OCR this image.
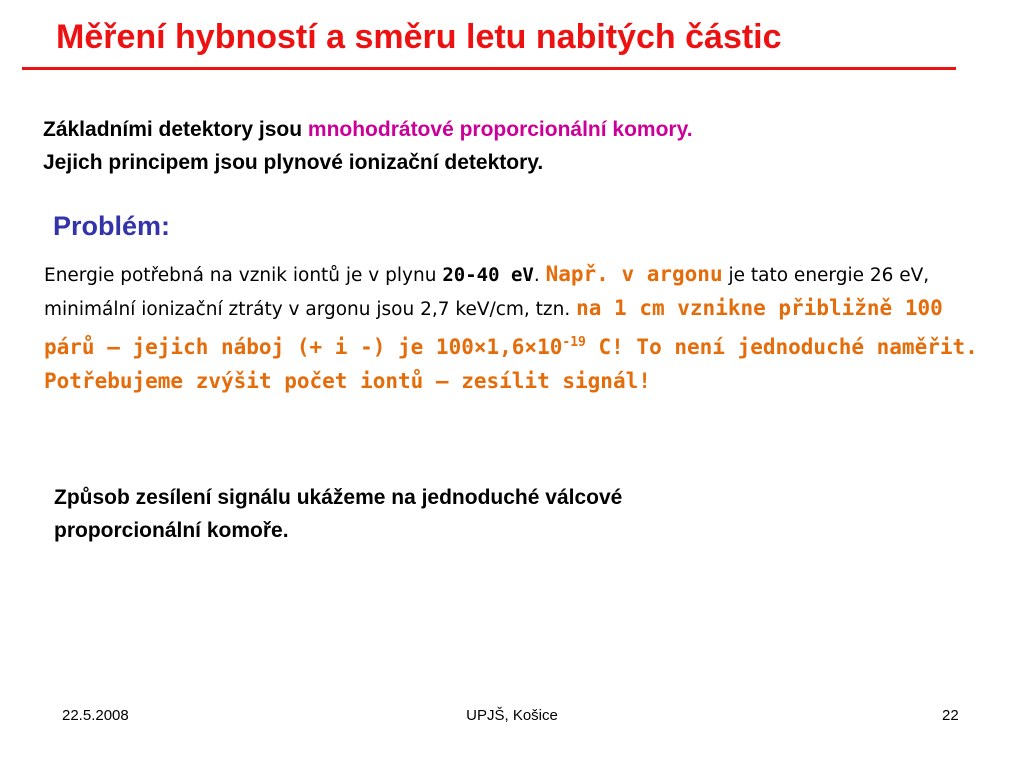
Měření hybností a směru letu nabitých částic
Základními detektory jsou mnohodrátové proporcionální komory.
Jejich principem jsou plynové ionizační detektory.
Problém:
Energie potřebná na vznik iontů je v plynu 20-40 eV. Např. v argonu je tato energie 26 eV, minimální ionizační ztráty v argonu jsou 2,7 keV/cm, tzn. na 1 cm vznikne přibližně 100 párů – jejich náboj (+ i -) je $100\times 1,6\times 10^{-19}$ C! To není jednoduché naměřit. Potřebujeme zvýšit počet iontů – zesílit signál!
Způsob zesílení signálu ukážeme na jednoduché válcové
proporcionální komoře.
22.5.2008	UPJŠ, Košice	22
